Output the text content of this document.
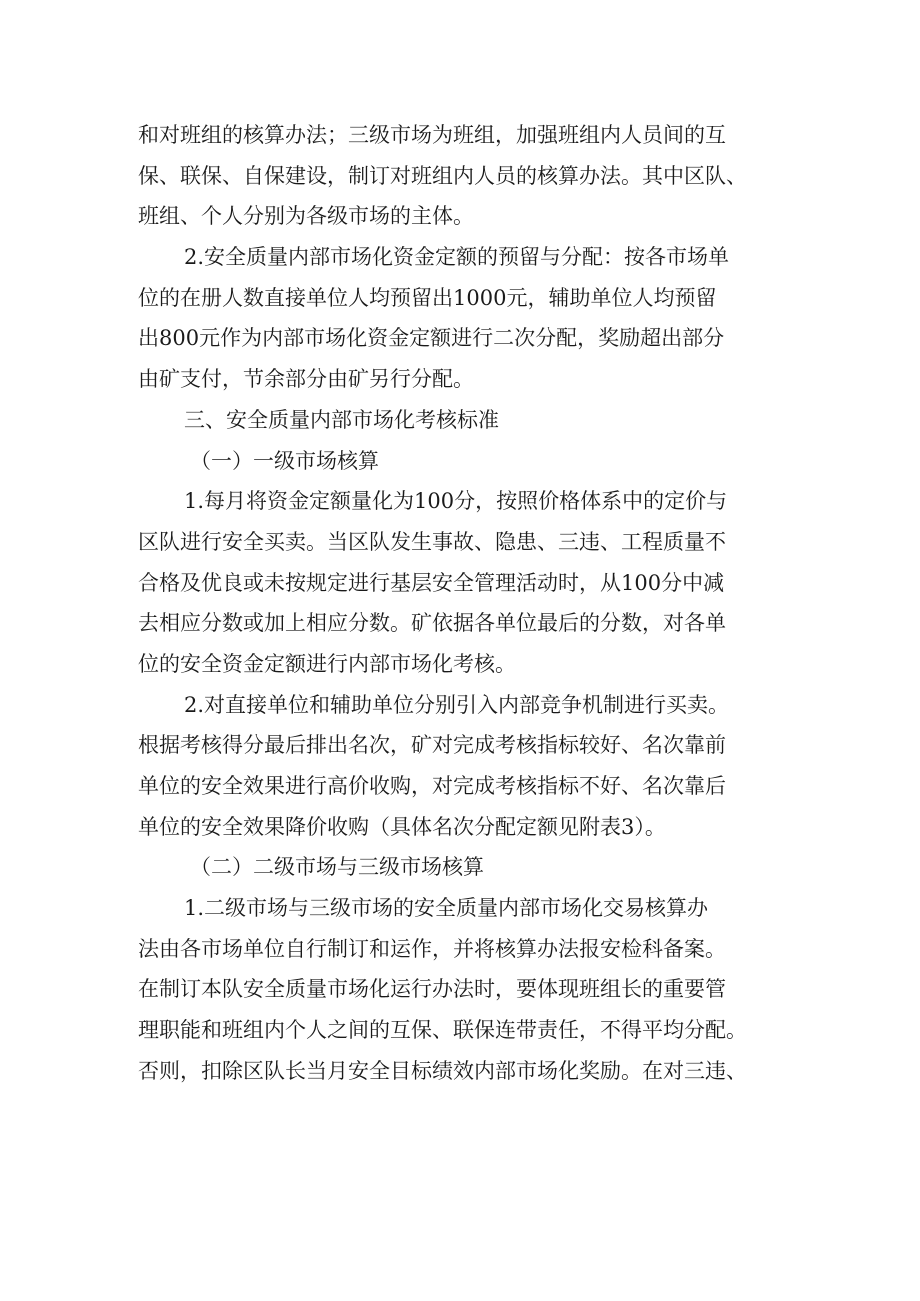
和对班组的核算办法；三级市场为班组，加强班组内人员间的互
保、联保、自保建设，制订对班组内人员的核算办法。其中区队、
班组、个人分别为各级市场的主体。
2.安全质量内部市场化资金定额的预留与分配：按各市场单
位的在册人数直接单位人均预留出1000元，辅助单位人均预留
出800元作为内部市场化资金定额进行二次分配，奖励超出部分
由矿支付，节余部分由矿另行分配。
三、安全质量内部市场化考核标准
（一）一级市场核算
1.每月将资金定额量化为100分，按照价格体系中的定价与
区队进行安全买卖。当区队发生事故、隐患、三违、工程质量不
合格及优良或未按规定进行基层安全管理活动时，从100分中减
去相应分数或加上相应分数。矿依据各单位最后的分数，对各单
位的安全资金定额进行内部市场化考核。
2.对直接单位和辅助单位分别引入内部竞争机制进行买卖。
根据考核得分最后排出名次，矿对完成考核指标较好、名次靠前
单位的安全效果进行高价收购，对完成考核指标不好、名次靠后
单位的安全效果降价收购（具体名次分配定额见附表3）。
（二）二级市场与三级市场核算
1.二级市场与三级市场的安全质量内部市场化交易核算办
法由各市场单位自行制订和运作，并将核算办法报安检科备案。
在制订本队安全质量市场化运行办法时，要体现班组长的重要管
理职能和班组内个人之间的互保、联保连带责任，不得平均分配。
否则，扣除区队长当月安全目标绩效内部市场化奖励。在对三违、
